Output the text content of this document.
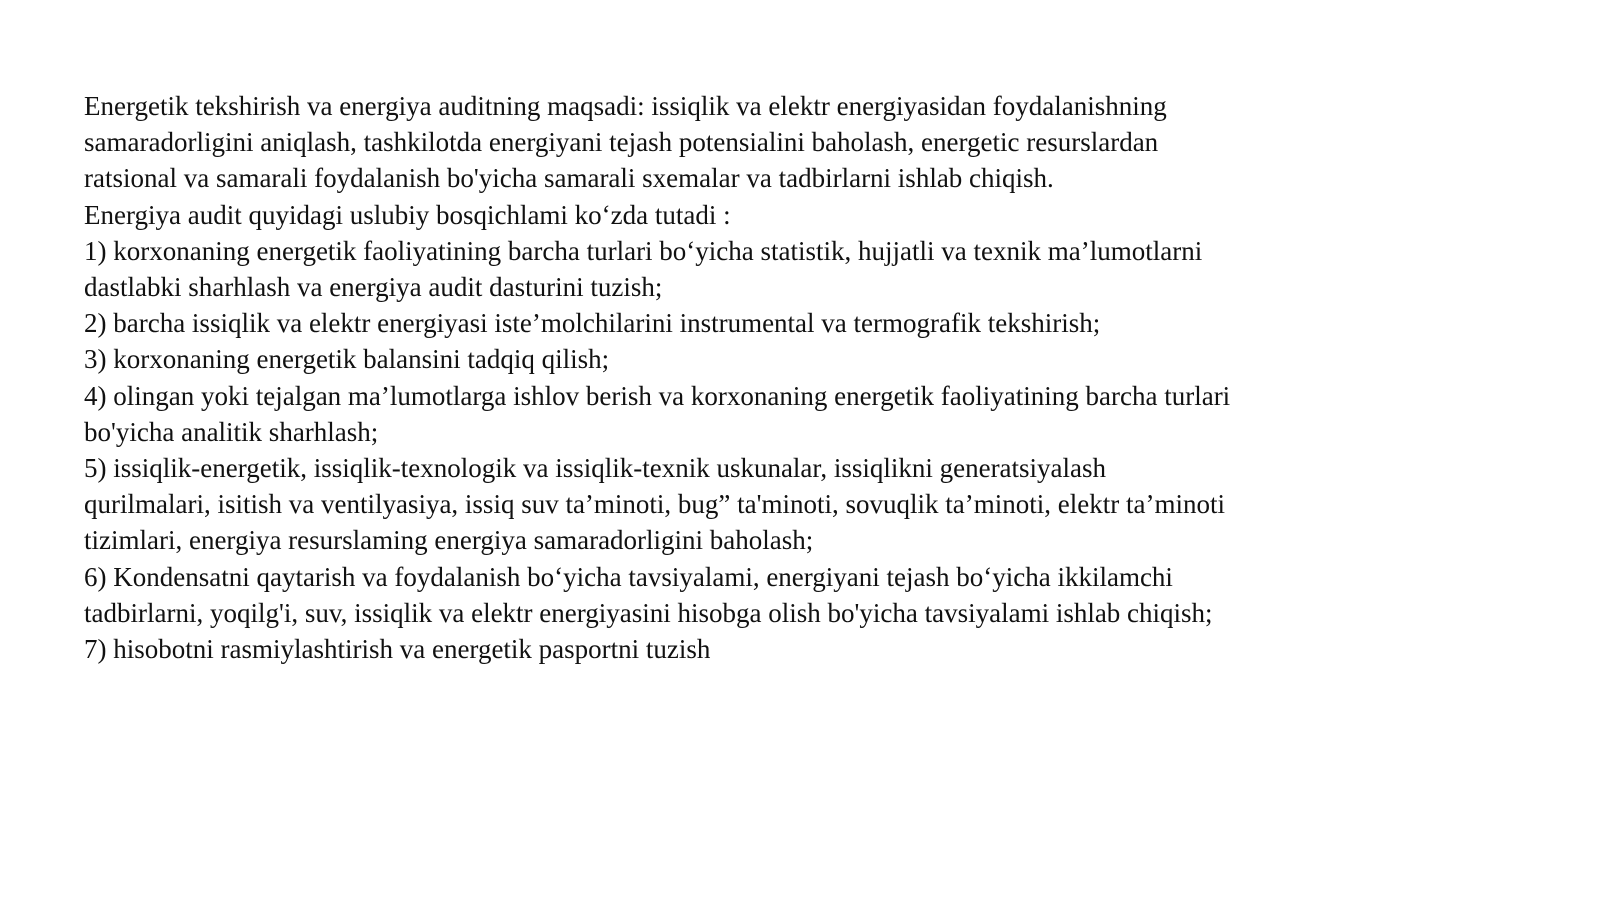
Energetik tekshirish va energiya auditning maqsadi: issiqlik va elektr energiyasidan foydalanishning
samaradorligini aniqlash, tashkilotda energiyani tejash potensialini baholash, energetic resurslardan
ratsional va samarali foydalanish bo'yicha samarali sxemalar va tadbirlarni ishlab chiqish.
Energiya audit quyidagi uslubiy bosqichlami ko‘zda tutadi :
1) korxonaning energetik faoliyatining barcha turlari bo‘yicha statistik, hujjatli va texnik ma’lumotlarni
dastlabki sharhlash va energiya audit dasturini tuzish;
2) barcha issiqlik va elektr energiyasi iste’molchilarini instrumental va termografik tekshirish;
3) korxonaning energetik balansini tadqiq qilish;
4) olingan yoki tejalgan ma’lumotlarga ishlov berish va korxonaning energetik faoliyatining barcha turlari
bo'yicha analitik sharhlash;
5) issiqlik-energetik, issiqlik-texnologik va issiqlik-texnik uskunalar, issiqlikni generatsiyalash
qurilmalari, isitish va ventilyasiya, issiq suv ta’minoti, bug” ta'minoti, sovuqlik ta’minoti, elektr ta’minoti
tizimlari, energiya resurslaming energiya samaradorligini baholash;
6) Kondensatni qaytarish va foydalanish bo‘yicha tavsiyalami, energiyani tejash bo‘yicha ikkilamchi
tadbirlarni, yoqilg'i, suv, issiqlik va elektr energiyasini hisobga olish bo'yicha tavsiyalami ishlab chiqish;
7) hisobotni rasmiylashtirish va energetik pasportni tuzish
